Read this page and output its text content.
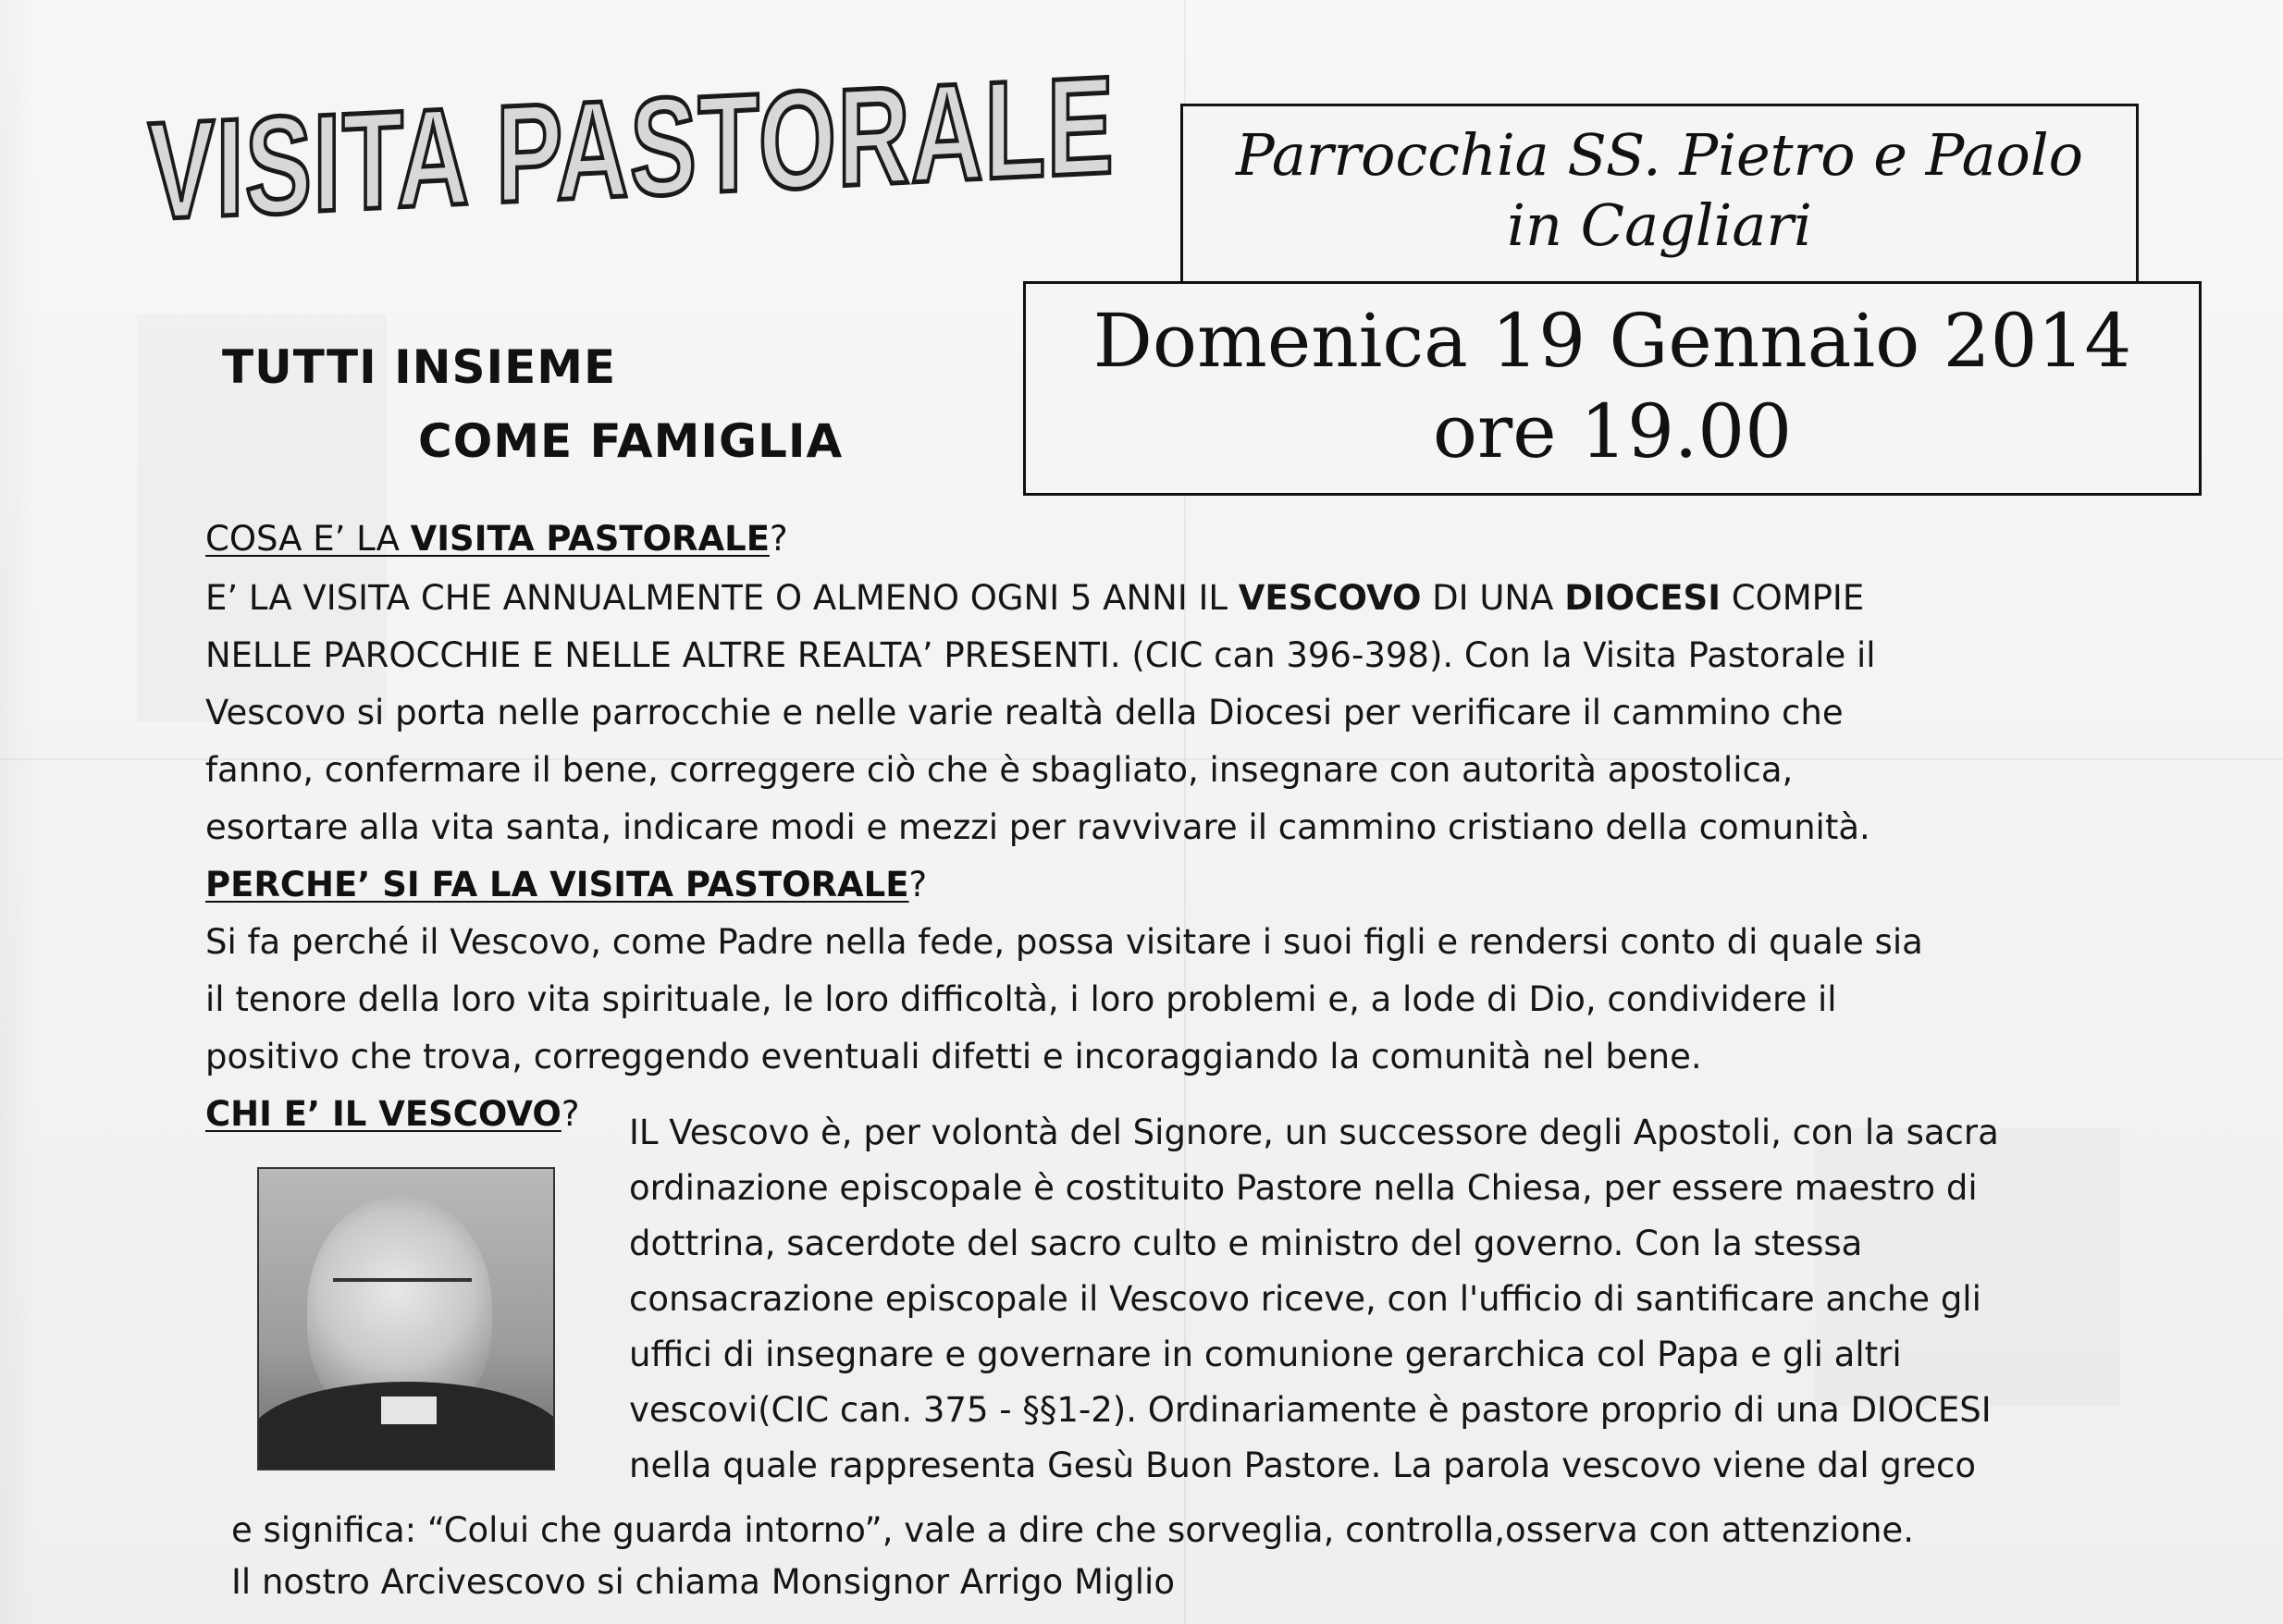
VISITA PASTORALE
TUTTI INSIEME
COME FAMIGLIA
Parrocchia SS. Pietro e Paolo
in Cagliari
Domenica 19 Gennaio 2014
ore 19.00
COSA E’ LA VISITA PASTORALE?
E’ LA VISITA CHE ANNUALMENTE O ALMENO OGNI 5 ANNI IL VESCOVO DI UNA DIOCESI COMPIE
NELLE PAROCCHIE E NELLE ALTRE REALTA’ PRESENTI. (CIC can 396-398). Con la Visita Pastorale il
Vescovo si porta nelle parrocchie e nelle varie realtà della Diocesi per verificare il cammino che
fanno, confermare il bene, correggere ciò che è sbagliato, insegnare con autorità apostolica,
esortare alla vita santa, indicare modi e mezzi per ravvivare il cammino cristiano della comunità.
PERCHE’ SI FA LA VISITA PASTORALE?
Si fa perché il Vescovo, come Padre nella fede, possa visitare i suoi figli e rendersi conto di quale sia
il tenore della loro vita spirituale, le loro difficoltà, i loro problemi e, a lode di Dio, condividere il
positivo che trova, correggendo eventuali difetti e incoraggiando la comunità nel bene.
CHI E’ IL VESCOVO? IL Vescovo è, per volontà del Signore, un successore degli Apostoli, con la sacra
ordinazione episcopale è costituito Pastore nella Chiesa, per essere maestro di
dottrina, sacerdote del sacro culto e ministro del governo. Con la stessa
consacrazione episcopale il Vescovo riceve, con l'ufficio di santificare anche gli
uffici di insegnare e governare in comunione gerarchica col Papa e gli altri
vescovi(CIC can. 375 - §§1-2). Ordinariamente è pastore proprio di una DIOCESI
nella quale rappresenta Gesù Buon Pastore. La parola vescovo viene dal greco
e significa: “Colui che guarda intorno”, vale a dire che sorveglia, controlla,osserva con attenzione.
Il nostro Arcivescovo si chiama Monsignor Arrigo Miglio
